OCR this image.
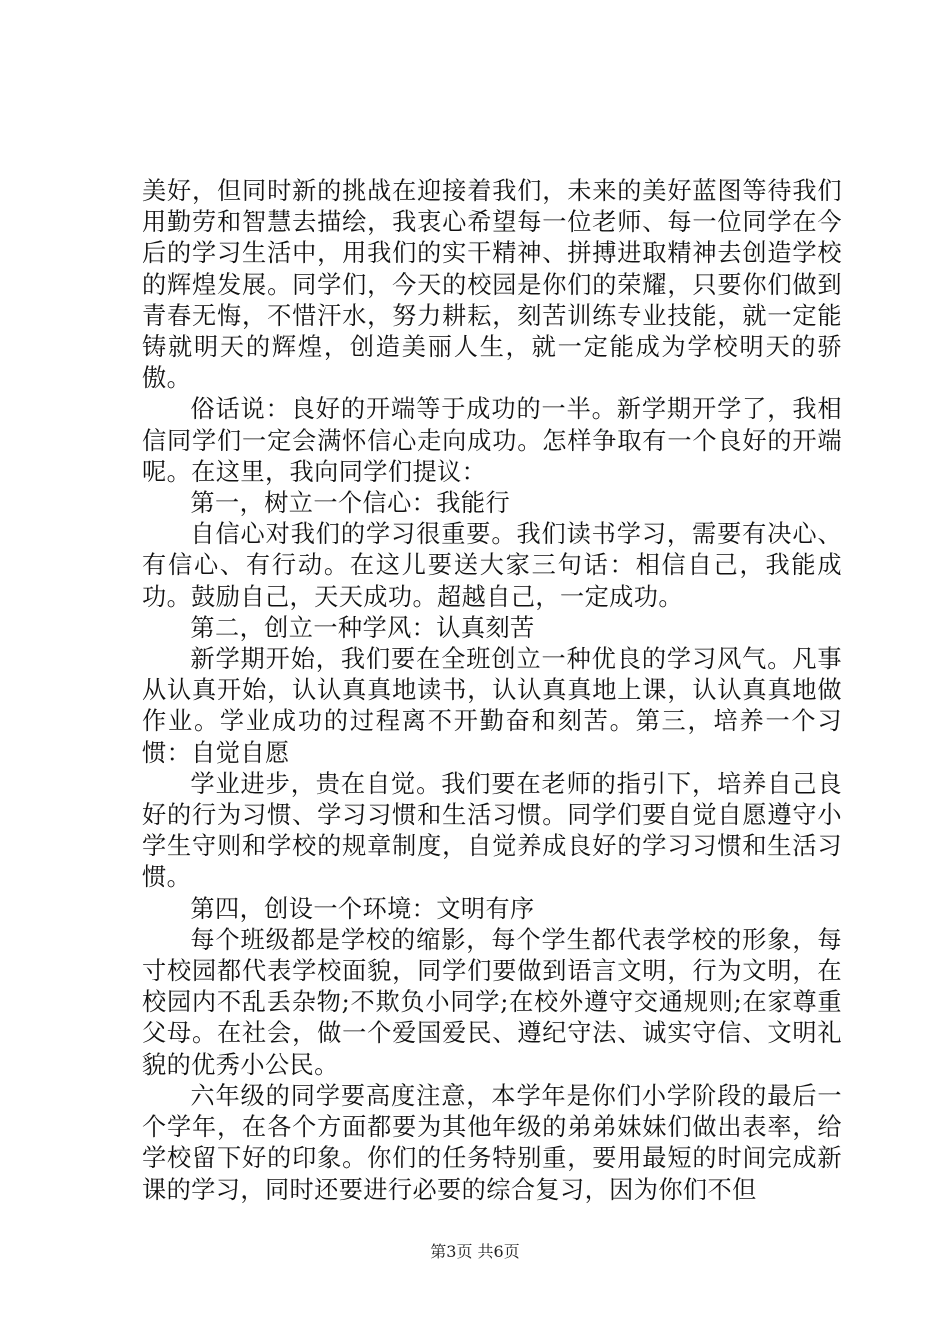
美好，但同时新的挑战在迎接着我们，未来的美好蓝图等待我们用勤劳和智慧去描绘，我衷心希望每一位老师、每一位同学在今后的学习生活中，用我们的实干精神、拼搏进取精神去创造学校的辉煌发展。同学们，今天的校园是你们的荣耀，只要你们做到青春无悔，不惜汗水，努力耕耘，刻苦训练专业技能，就一定能铸就明天的辉煌，创造美丽人生，就一定能成为学校明天的骄傲。

俗话说：良好的开端等于成功的一半。新学期开学了，我相信同学们一定会满怀信心走向成功。怎样争取有一个良好的开端呢。在这里，我向同学们提议：

第一，树立一个信心：我能行

自信心对我们的学习很重要。我们读书学习，需要有决心、有信心、有行动。在这儿要送大家三句话：相信自己，我能成功。鼓励自己，天天成功。超越自己，一定成功。

第二，创立一种学风：认真刻苦

新学期开始，我们要在全班创立一种优良的学习风气。凡事从认真开始，认认真真地读书，认认真真地上课，认认真真地做作业。学业成功的过程离不开勤奋和刻苦。第三，培养一个习惯：自觉自愿

学业进步，贵在自觉。我们要在老师的指引下，培养自己良好的行为习惯、学习习惯和生活习惯。同学们要自觉自愿遵守小学生守则和学校的规章制度，自觉养成良好的学习习惯和生活习惯。

第四，创设一个环境：文明有序

每个班级都是学校的缩影，每个学生都代表学校的形象，每寸校园都代表学校面貌，同学们要做到语言文明，行为文明，在校园内不乱丢杂物;不欺负小同学;在校外遵守交通规则;在家尊重父母。在社会，做一个爱国爱民、遵纪守法、诚实守信、文明礼貌的优秀小公民。

六年级的同学要高度注意，本学年是你们小学阶段的最后一个学年，在各个方面都要为其他年级的弟弟妹妹们做出表率，给学校留下好的印象。你们的任务特别重，要用最短的时间完成新课的学习，同时还要进行必要的综合复习，因为你们不但

第3页 共6页
